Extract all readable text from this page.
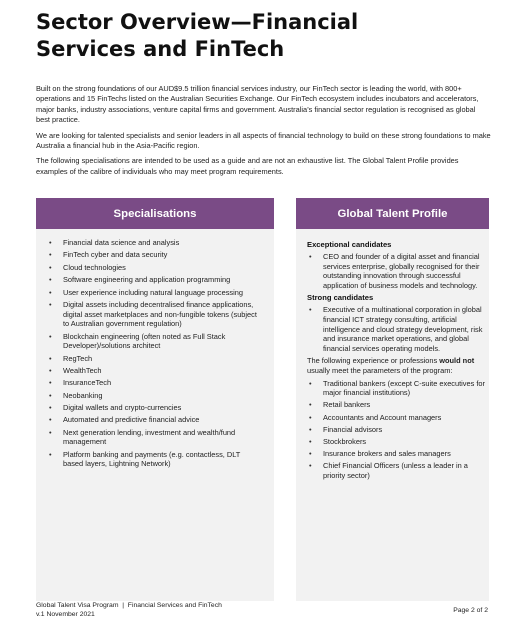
Sector Overview—Financial
Services and FinTech

Built on the strong foundations of our AUD$9.5 trillion financial services industry, our FinTech sector is leading the world, with 800+ operations and 15 FinTechs listed on the Australian Securities Exchange. Our FinTech ecosystem includes incubators and accelerators, major banks, industry associations, venture capital firms and government. Australia’s financial sector regulation is recognised as global best practice.

We are looking for talented specialists and senior leaders in all aspects of financial technology to build on these strong foundations to make Australia a financial hub in the Asia-Pacific region.

The following specialisations are intended to be used as a guide and are not an exhaustive list. The Global Talent Profile provides examples of the calibre of individuals who may meet program requirements.

Specialisations
• Financial data science and analysis
• FinTech cyber and data security
• Cloud technologies
• Software engineering and application programming
• User experience including natural language processing
• Digital assets including decentralised finance applications, digital asset marketplaces and non-fungible tokens (subject to Australian government regulation)
• Blockchain engineering (often noted as Full Stack Developer)/solutions architect
• RegTech
• WealthTech
• InsuranceTech
• Neobanking
• Digital wallets and crypto-currencies
• Automated and predictive financial advice
• Next generation lending, investment and wealth/fund management
• Platform banking and payments (e.g. contactless, DLT based layers, Lightning Network)
Global Talent Profile
Exceptional candidates
• CEO and founder of a digital asset and financial services enterprise, globally recognised for their outstanding innovation through successful application of business models and technology.
Strong candidates
• Executive of a multinational corporation in global financial ICT strategy consulting, artificial intelligence and cloud strategy development, risk and insurance market operations, and global financial services operating models.

The following experience or professions would not usually meet the parameters of the program:

• Traditional bankers (except C-suite executives for major financial institutions)
• Retail bankers
• Accountants and Account managers
• Financial advisors
• Stockbrokers
• Insurance brokers and sales managers
• Chief Financial Officers (unless a leader in a priority sector)
Global Talent Visa Program  |  Financial Services and FinTech
v.1 November 2021
Page 2 of 2
